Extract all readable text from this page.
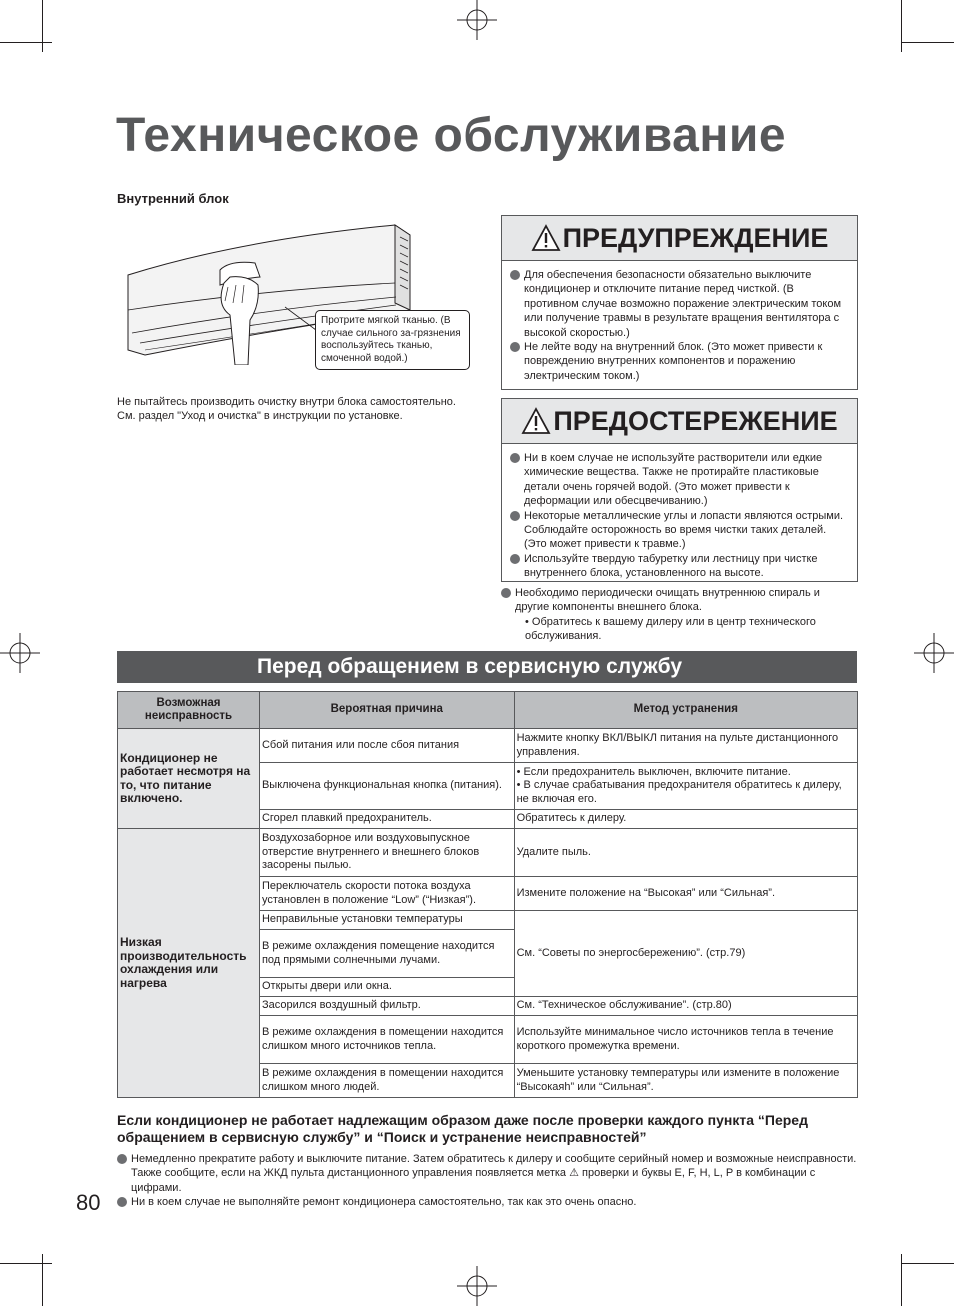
Техническое обслуживание
Внутренний блок
Протрите мягкой тканью. (В случае сильного за-грязнения воспользуйтесь тканью, смоченной водой.)
Не пытайтесь производить очистку внутри блока самостоятельно.
См. раздел "Уход и очистка" в инструкции по установке.
ПРЕДУПРЕЖДЕНИЕ
Для обеспечения безопасности обязательно выключите кондиционер и отключите питание перед чисткой. (В противном случае возможно поражение электрическим током или получение травмы в результате вращения вентилятора с высокой скоростью.)
Не лейте воду на внутренний блок. (Это может привести к повреждению внутренних компонентов и поражению электрическим током.)
ПРЕДОСТЕРЕЖЕНИЕ
Ни в коем случае не используйте растворители или едкие химические вещества. Также не протирайте пластиковые детали очень горячей водой. (Это может привести к деформации или обесцвечиванию.)
Некоторые металлические углы и лопасти являются острыми. Соблюдайте осторожность во время чистки таких деталей. (Это может привести к травме.)
Используйте твердую табуретку или лестницу при чистке внутреннего блока, установленного на высоте.
Необходимо периодически очищать внутреннюю спираль и другие компоненты внешнего блока.
• Обратитесь к вашему дилеру или в центр технического обслуживания.
Перед обращением в сервисную службу
Возможная неисправность	Вероятная причина	Метод устранения
Кондиционер не работает несмотря на то, что питание включено.	Сбой питания или после сбоя питания	Нажмите кнопку ВКЛ/ВЫКЛ питания на пульте дистанционного управления.
	Выключена функциональная кнопка (питания).	• Если предохранитель выключен, включите питание.
• В случае срабатывания предохранителя обратитесь к дилеру, не включая его.

	Сгорел плавкий предохранитель.	Обратитесь к дилеру.
Низкая производительность охлаждения или нагрева	Воздухозаборное или воздуховыпускное отверстие внутреннего и внешнего блоков засорены пылью.	Удалите пыль.
	Переключатель скорости потока воздуха установлен в положение “Low” (“Низкая”).	Измените положение на “Высокая” или “Сильная”.
	Неправильные установки температуры	См. “Советы по энергосбережению”. (стр.79)
	В режиме охлаждения помещение находится под прямыми солнечными лучами.	
	Открыты двери или окна.	
	Засорился воздушный фильтр.	См. “Техническое обслуживание”. (стр.80)
	В режиме охлаждения в помещении находится слишком много источников тепла.	Используйте минимальное число источников тепла в течение короткого промежутка времени.
	В режиме охлаждения в помещении находится слишком много людей.	Уменьшите установку температуры или измените в положение “Высокаяh” или “Сильная”.
Если кондиционер не работает надлежащим образом даже после проверки каждого пункта “Перед обращением в сервисную службу” и “Поиск и устранение неисправностей”
Немедленно прекратите работу и выключите питание. Затем обратитесь к дилеру и сообщите серийный номер и возможные неисправности. Также сообщите, если на ЖКД пульта дистанционного управления появляется метка ⚠ проверки и буквы E, F, H, L, P в комбинации с цифрами.
Ни в коем случае не выполняйте ремонт кондиционера самостоятельно, так как это очень опасно.
80
